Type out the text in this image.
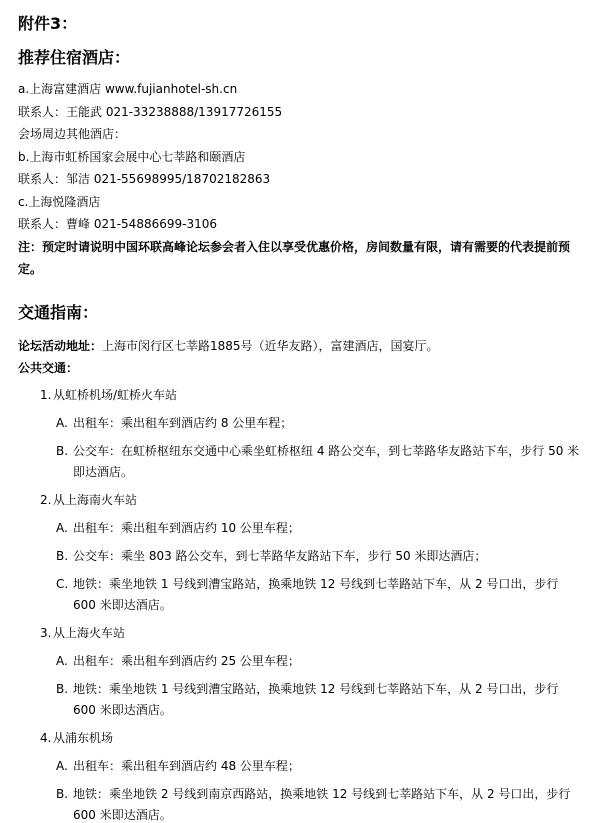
附件3：

推荐住宿酒店：

a.上海富建酒店 www.fujianhotel-sh.cn

联系人：王能武 021-33238888/13917726155

会场周边其他酒店：

b.上海市虹桥国家会展中心七莘路和颐酒店

联系人：邹洁 021-55698995/18702182863

c.上海悦隆酒店

联系人：曹峰 021-54886699-3106

注：预定时请说明中国环联高峰论坛参会者入住以享受优惠价格，房间数量有限，请有需要的代表提前预定。

交通指南：

论坛活动地址：上海市闵行区七莘路1885号（近华友路），富建酒店，国宴厅。

公共交通：

1. 从虹桥机场/虹桥火车站

A. 出租车：乘出租车到酒店约 8 公里车程；

B. 公交车：在虹桥枢纽东交通中心乘坐虹桥枢纽 4 路公交车，到七莘路华友路站下车，步行 50 米即达酒店。

2. 从上海南火车站

A. 出租车：乘出租车到酒店约 10 公里车程；

B. 公交车：乘坐 803 路公交车，到七莘路华友路站下车，步行 50 米即达酒店；

C. 地铁：乘坐地铁 1 号线到漕宝路站，换乘地铁 12 号线到七莘路站下车，从 2 号口出，步行 600 米即达酒店。

3. 从上海火车站

A. 出租车：乘出租车到酒店约 25 公里车程；

B. 地铁：乘坐地铁 1 号线到漕宝路站，换乘地铁 12 号线到七莘路站下车，从 2 号口出，步行 600 米即达酒店。

4. 从浦东机场

A. 出租车：乘出租车到酒店约 48 公里车程；

B. 地铁：乘坐地铁 2 号线到南京西路站，换乘地铁 12 号线到七莘路站下车，从 2 号口出，步行 600 米即达酒店。
